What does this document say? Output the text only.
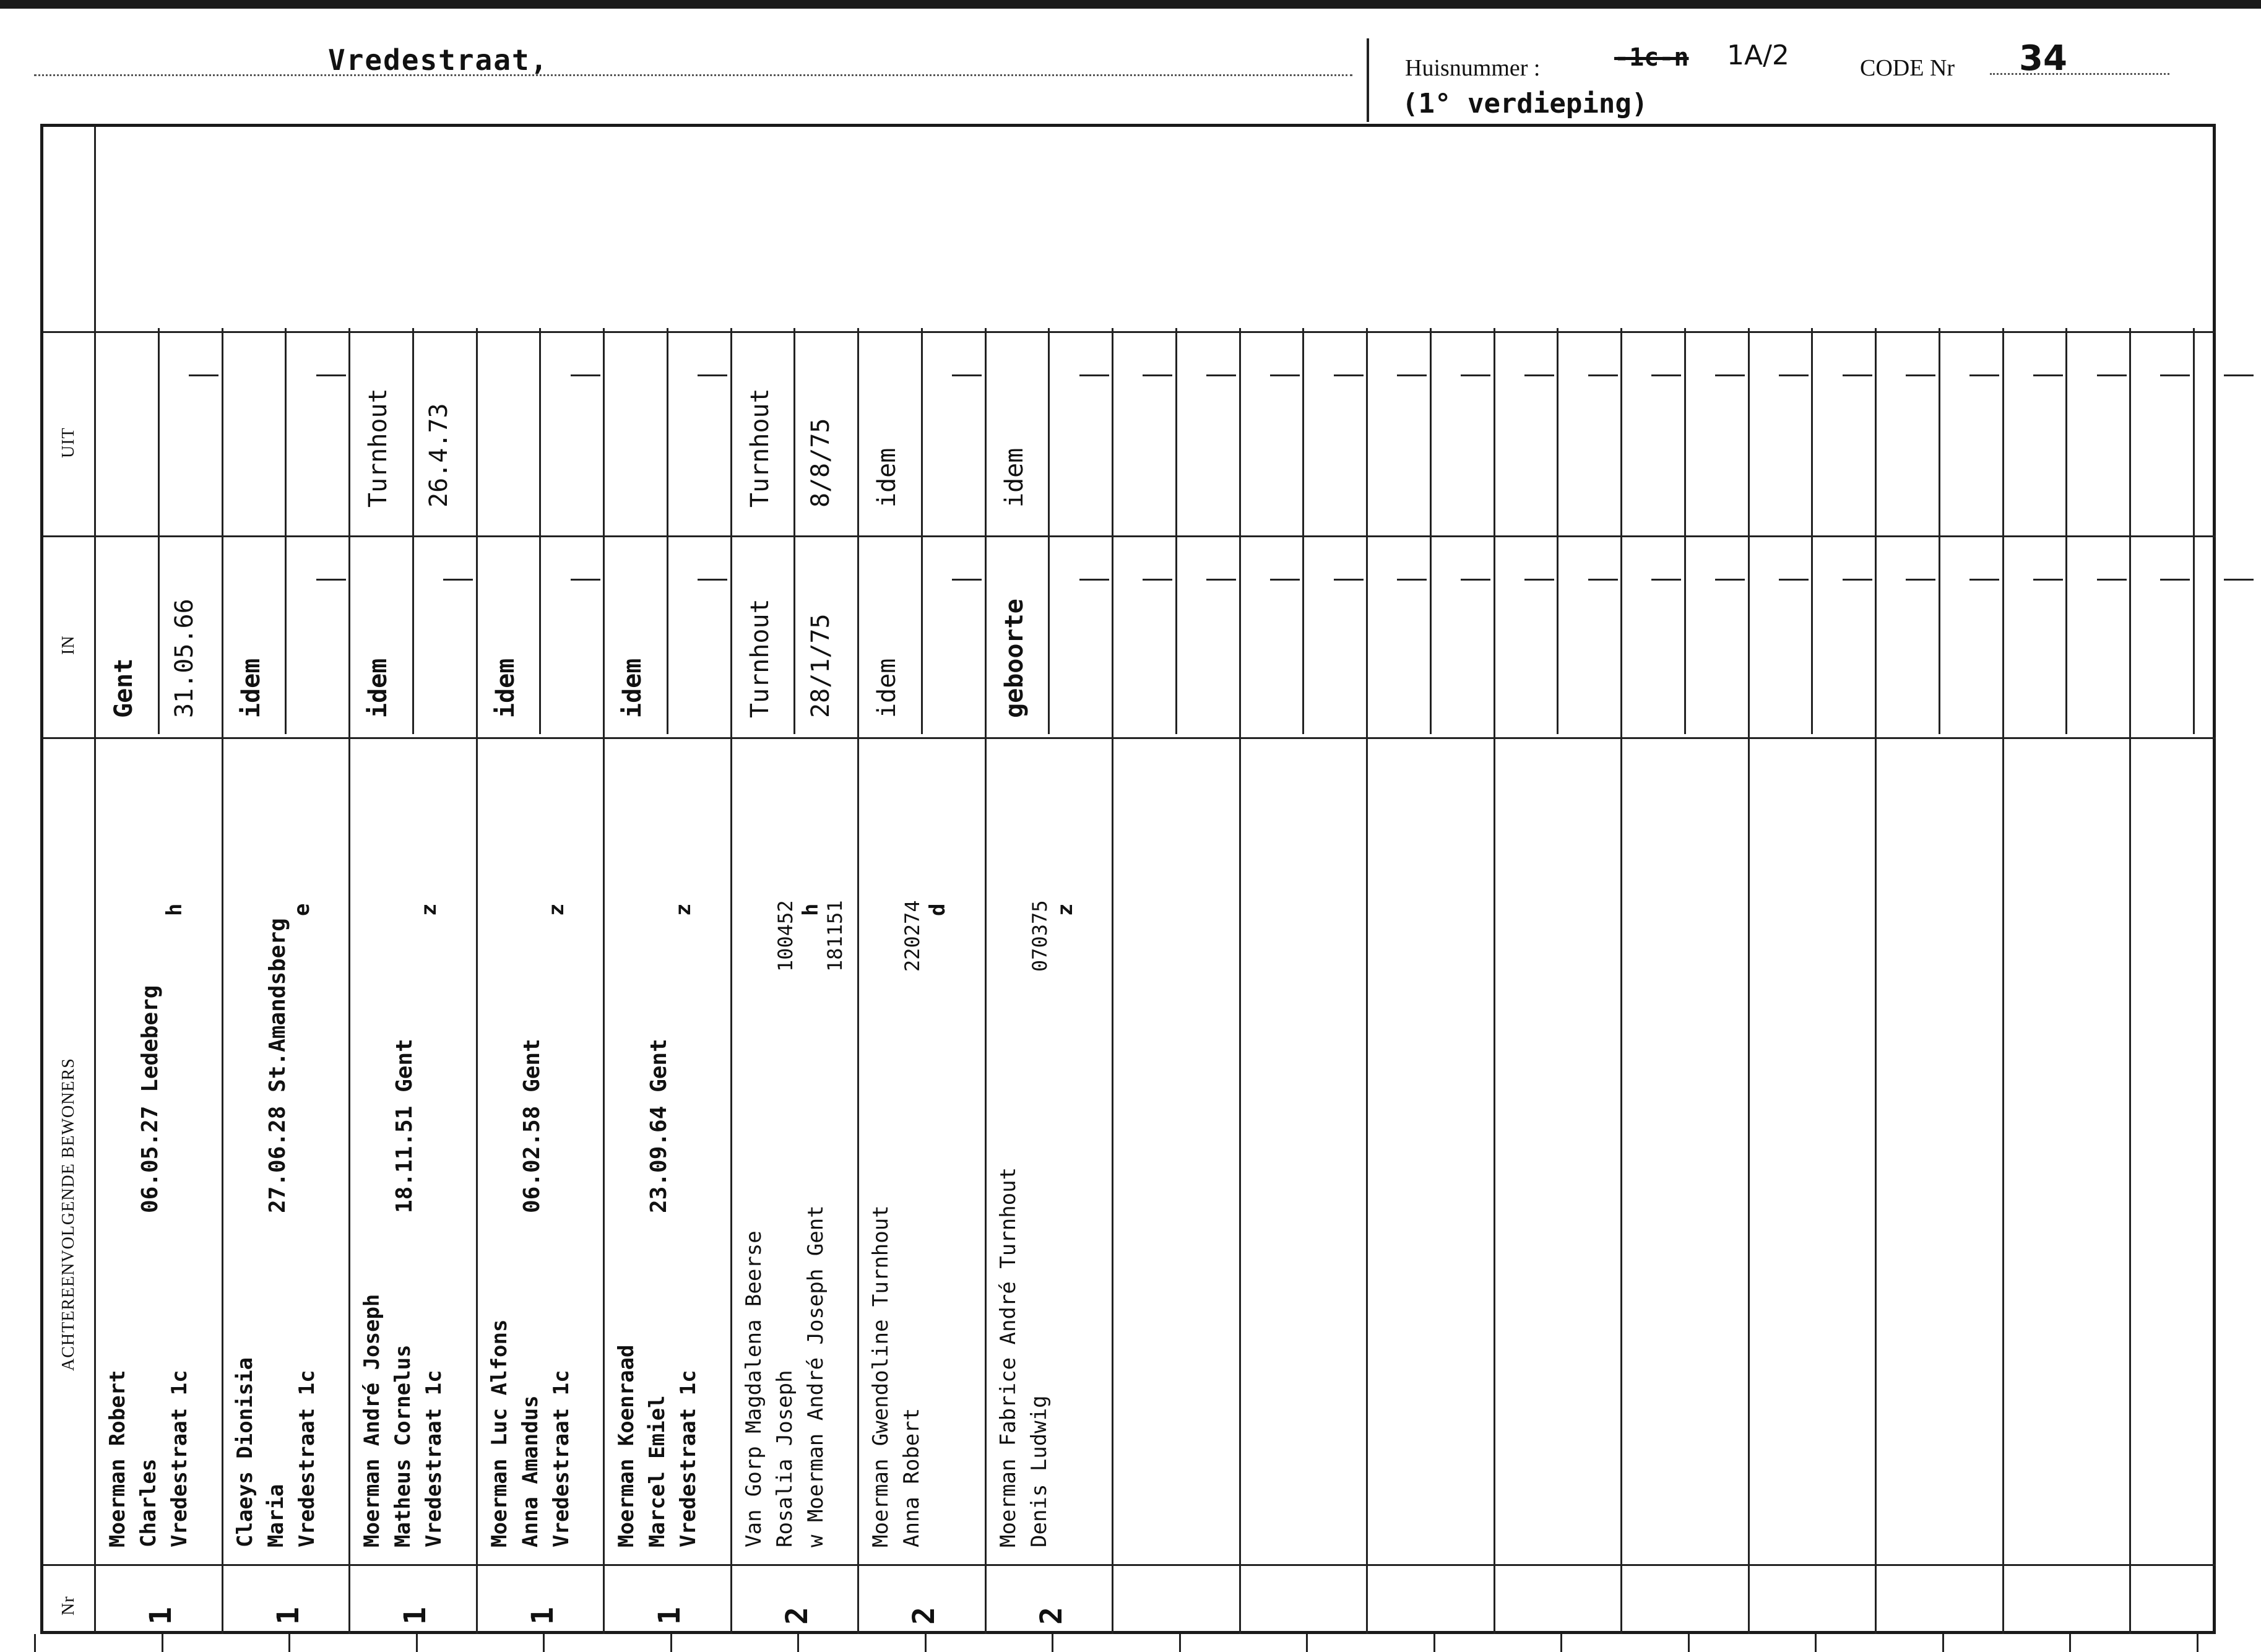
Vredestraat,	Huisnummer :	-1c-n 1A/2
(1° verdieping)
CODE Nr 34
UIT
IN
ACHTEREENVOLGENDE BEWONERS
Nr
Gent 31.05.66
Moerman Robert Charles Vredestraat 1c
06.05.27 Ledeberg
h
1
idem
Claeys Dionisia Maria Vredestraat 1c
27.06.28 St.Amandsberg
e
1
Turnhout 26.4.73
idem
Moerman André Joseph Matheus Cornelus Vredestraat 1c
18.11.51 Gent
z
1
idem
Moerman Luc Alfons Anna Amandus Vredestraat 1c
06.02.58 Gent
z
1
idem
Moerman Koenraad Marcel Emiel Vredestraat 1c
23.09.64 Gent
z
1
Turnhout 8/8/75
Turnhout 28/1/75
Van Gorp Magdalena Beerse Rosalia Joseph w Moerman André Joseph Gent
100452 181151
h
2
idem
idem
Moerman Gwendoline Turnhout Anna Robert
220274 d
2
idem
geboorte
Moerman Fabrice André Turnhout Denis Ludwig
070375 z
2
